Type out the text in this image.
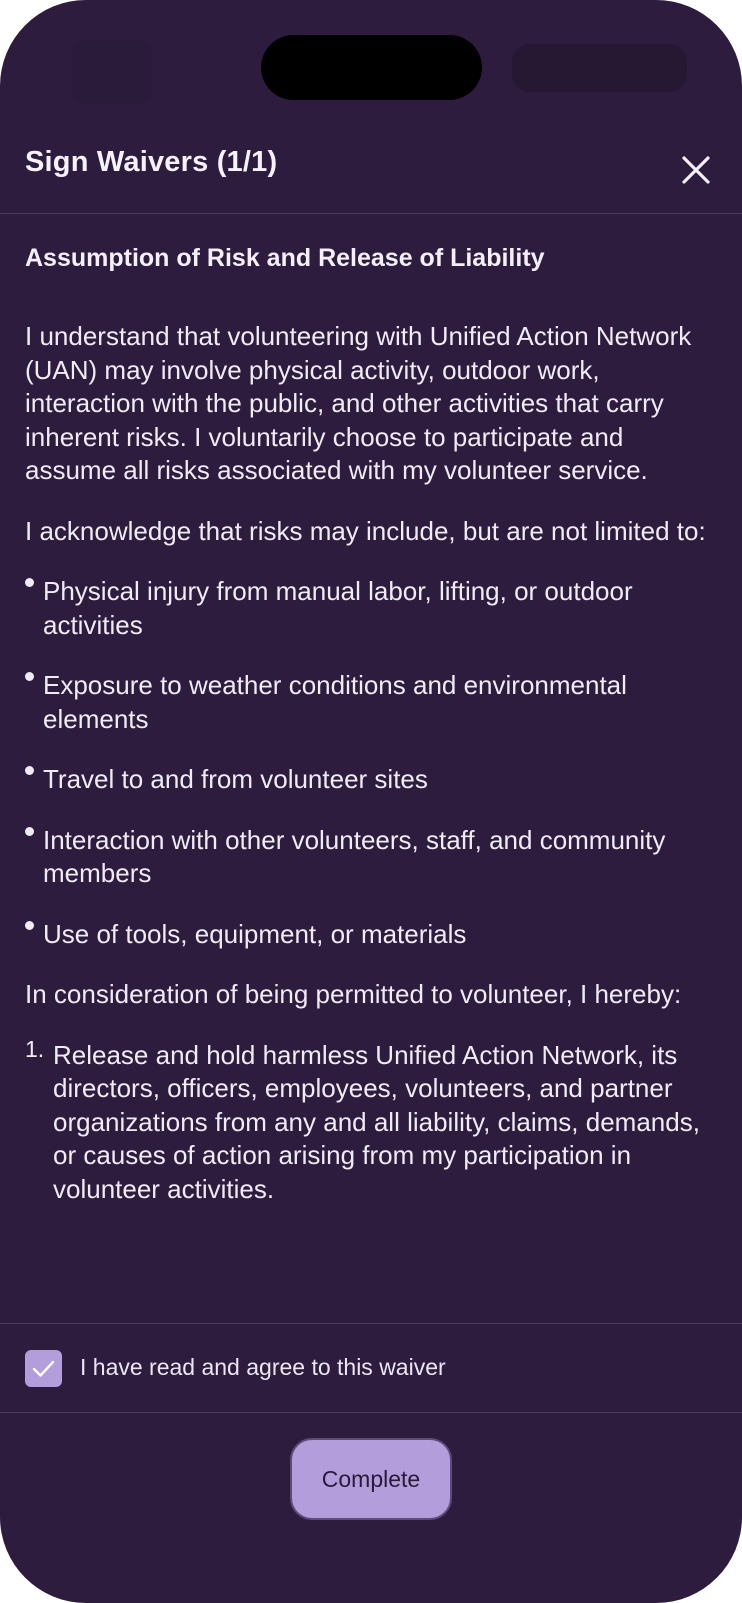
Sign Waivers (1/1)
Assumption of Risk and Release of Liability

I understand that volunteering with Unified Action Network (UAN) may involve physical activity, outdoor work, interaction with the public, and other activities that carry inherent risks. I voluntarily choose to participate and assume all risks associated with my volunteer service.

I acknowledge that risks may include, but are not limited to:

Physical injury from manual labor, lifting, or outdoor activities
Exposure to weather conditions and environmental elements
Travel to and from volunteer sites
Interaction with other volunteers, staff, and community members
Use of tools, equipment, or materials

In consideration of being permitted to volunteer, I hereby:

1. Release and hold harmless Unified Action Network, its directors, officers, employees, volunteers, and partner organizations from any and all liability, claims, demands, or causes of action arising from my participation in volunteer activities.
I have read and agree to this waiver
Complete
